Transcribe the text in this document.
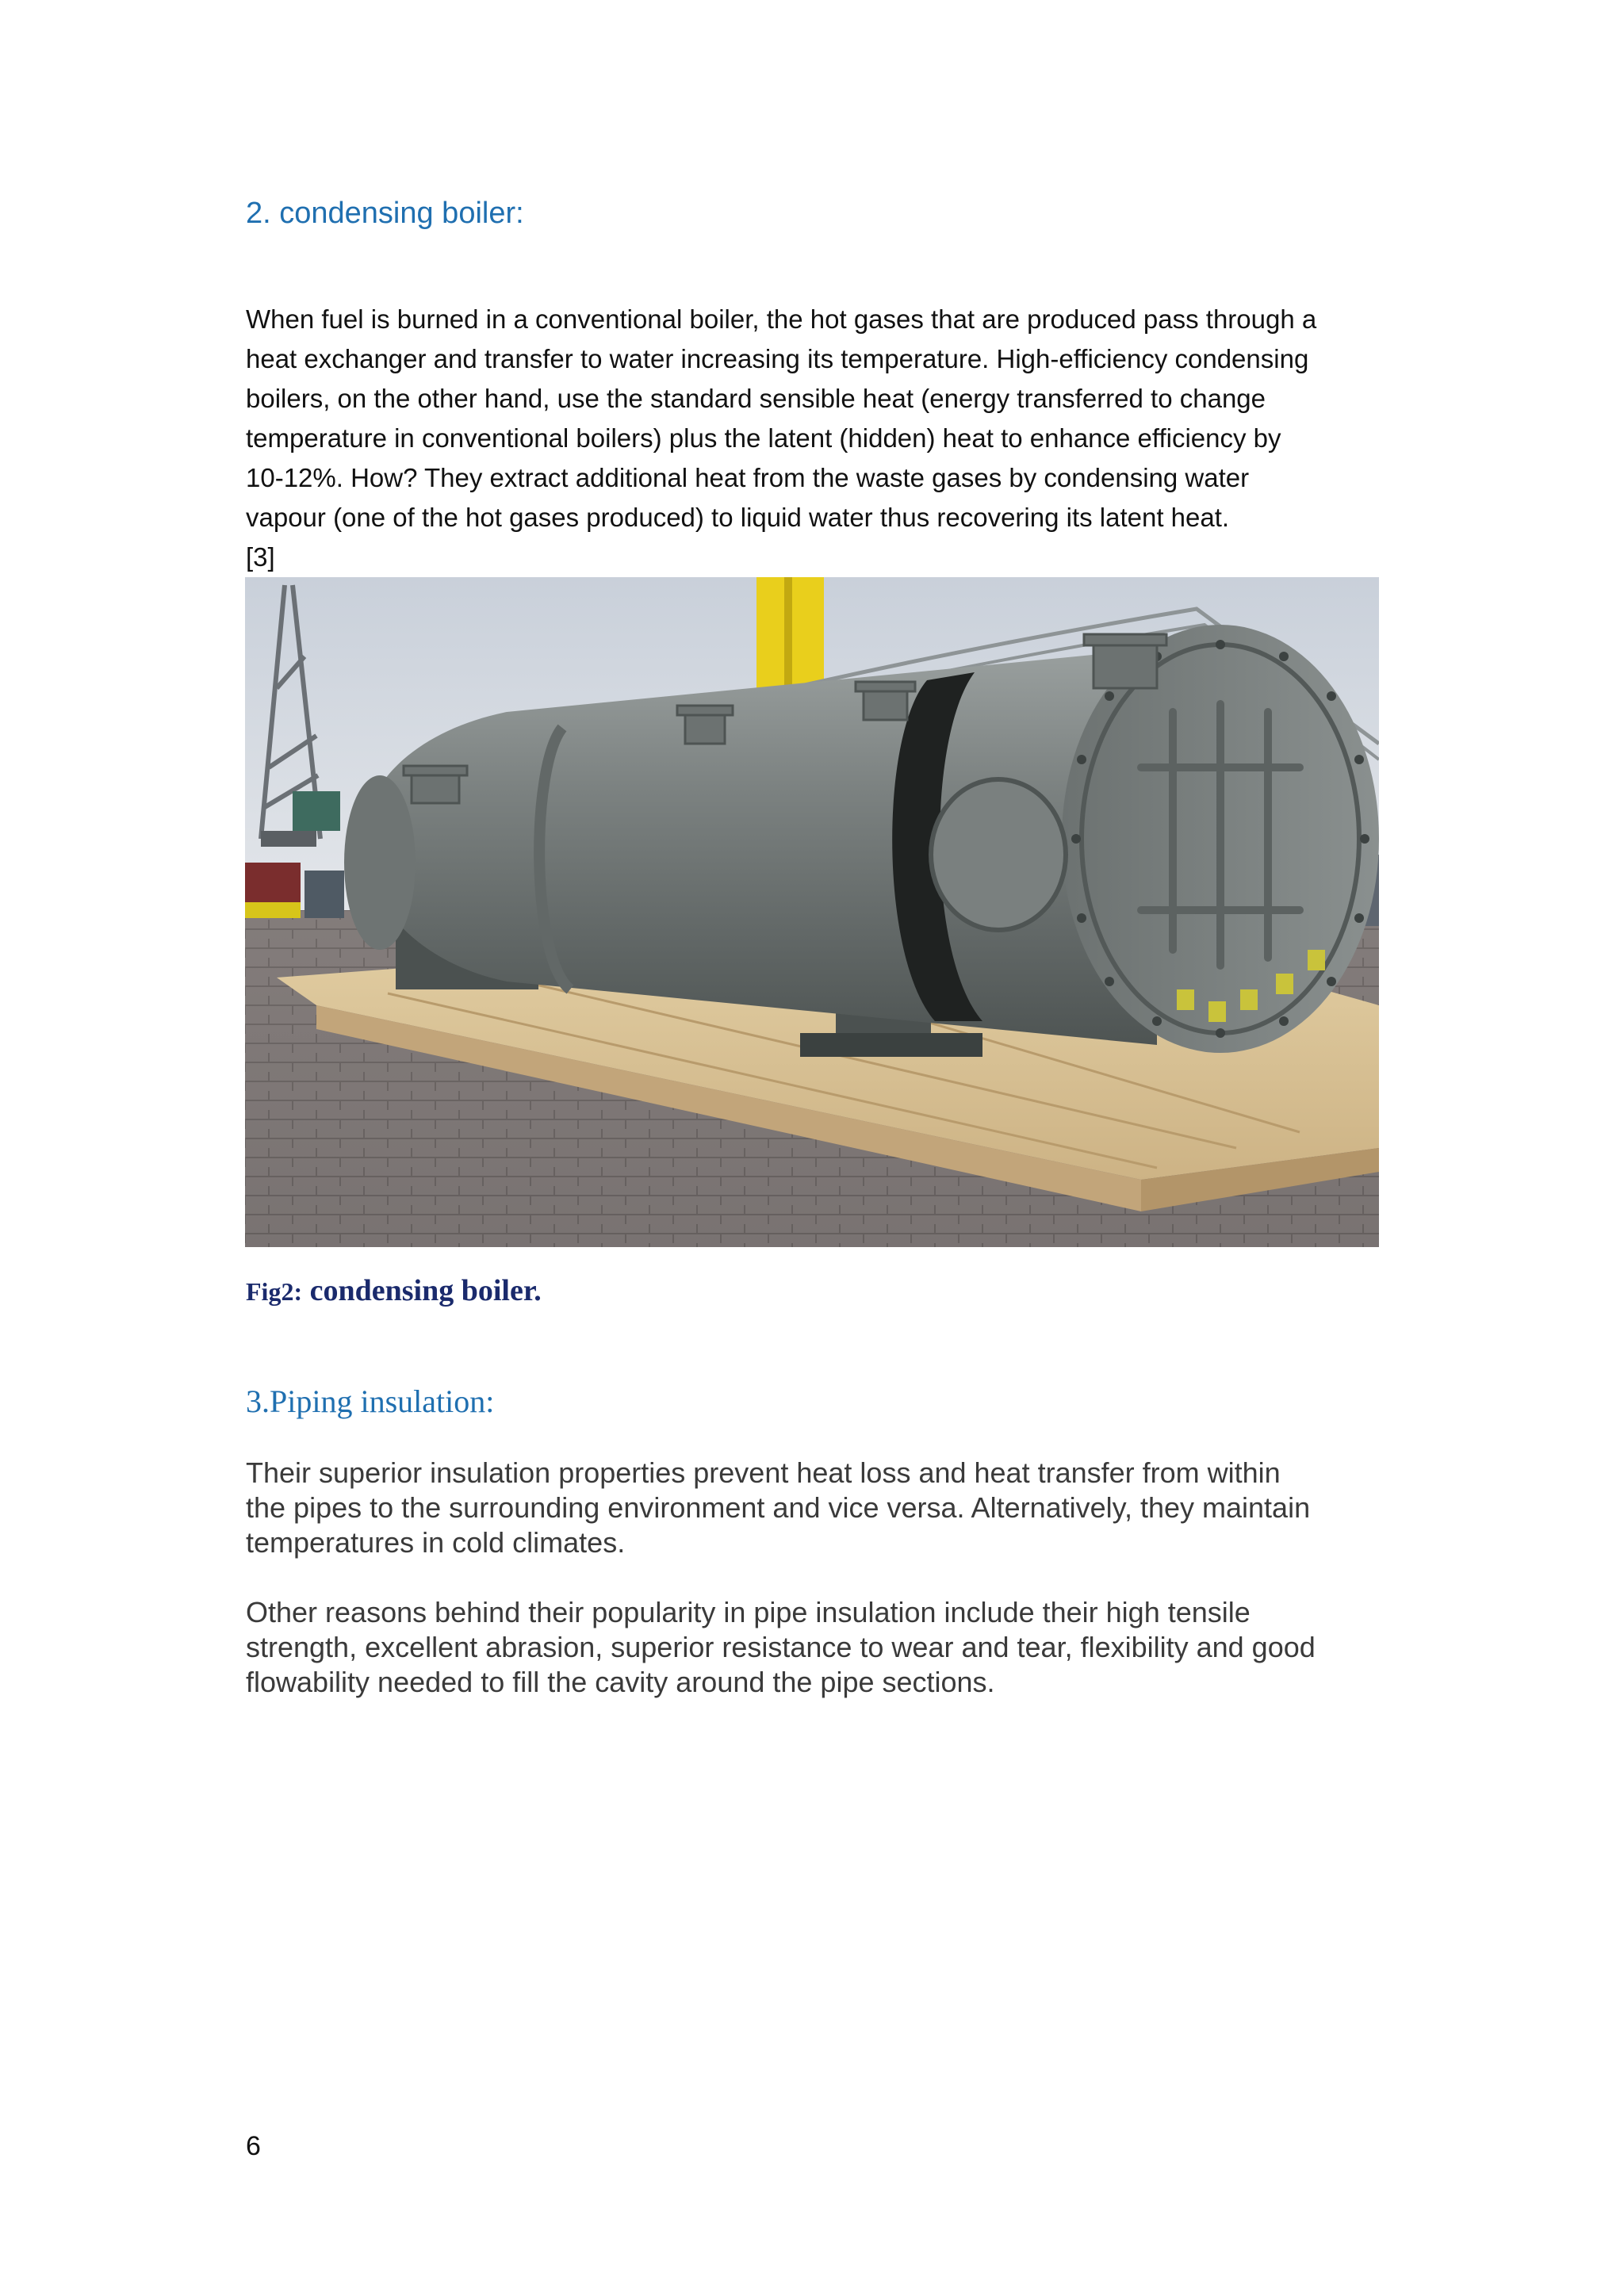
2. condensing boiler:
When fuel is burned in a conventional boiler, the hot gases that are produced pass through a
heat exchanger and transfer to water increasing its temperature. High-efficiency condensing
boilers, on the other hand, use the standard sensible heat (energy transferred to change
temperature in conventional boilers) plus the latent (hidden) heat to enhance efficiency by
10-12%. How? They extract additional heat from the waste gases by condensing water
vapour (one of the hot gases produced) to liquid water thus recovering its latent heat.
[3]

Fig2: condensing boiler.

3.Piping insulation:
Their superior insulation properties prevent heat loss and heat transfer from within
the pipes to the surrounding environment and vice versa. Alternatively, they maintain
temperatures in cold climates.
Other reasons behind their popularity in pipe insulation include their high tensile
strength, excellent abrasion, superior resistance to wear and tear, flexibility and good
flowability needed to fill the cavity around the pipe sections.

6
